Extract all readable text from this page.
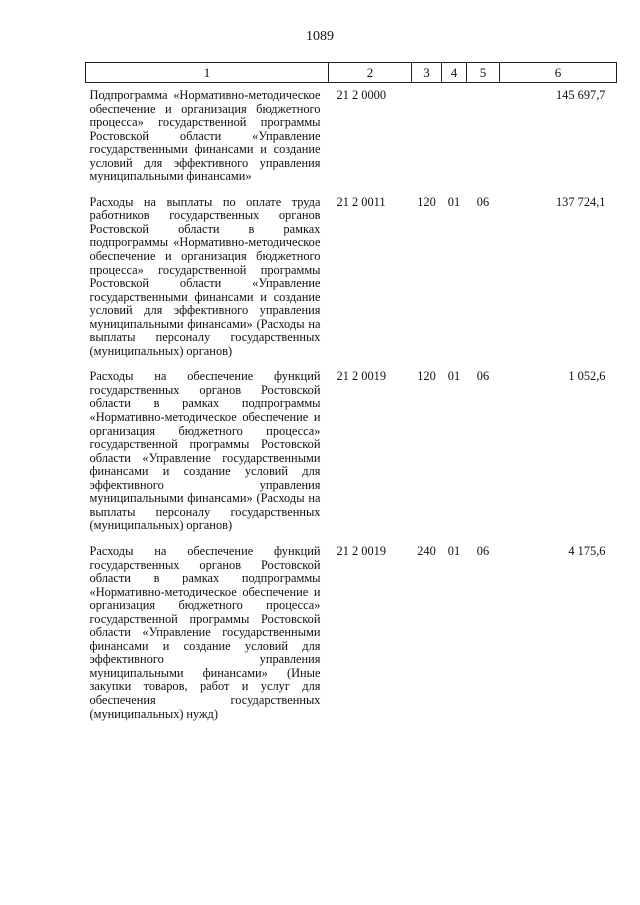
1089
1	2	3	4	5	6
Подпрограмма «Нормативно-методическое обеспечение и организация бюджетного процесса» государственной программы Ростовской области «Управление государственными финансами и создание условий для эффективного управления муниципальными финансами»	21 2 0000				145 697,7
Расходы на выплаты по оплате труда работников государственных органов Ростовской области в рамках подпрограммы «Нормативно-методическое обеспечение и организация бюджетного процесса» государственной программы Ростовской области «Управление государственными финансами и создание условий для эффективного управления муниципальными финансами» (Расходы на выплаты персоналу государственных (муниципальных) органов)	21 2 0011	120	01	06	137 724,1
Расходы на обеспечение функций государственных органов Ростовской области в рамках подпрограммы «Нормативно-методическое обеспечение и организация бюджетного процесса» государственной программы Ростовской области «Управление государственными финансами и создание условий для эффективного управления муниципальными финансами» (Расходы на выплаты персоналу государственных (муниципальных) органов)	21 2 0019	120	01	06	1 052,6
Расходы на обеспечение функций государственных органов Ростовской области в рамках подпрограммы «Нормативно-методическое обеспечение и организация бюджетного процесса» государственной программы Ростовской области «Управление государственными финансами и создание условий для эффективного управления муниципальными финансами» (Иные закупки товаров, работ и услуг для обеспечения государственных (муниципальных) нужд)	21 2 0019	240	01	06	4 175,6
